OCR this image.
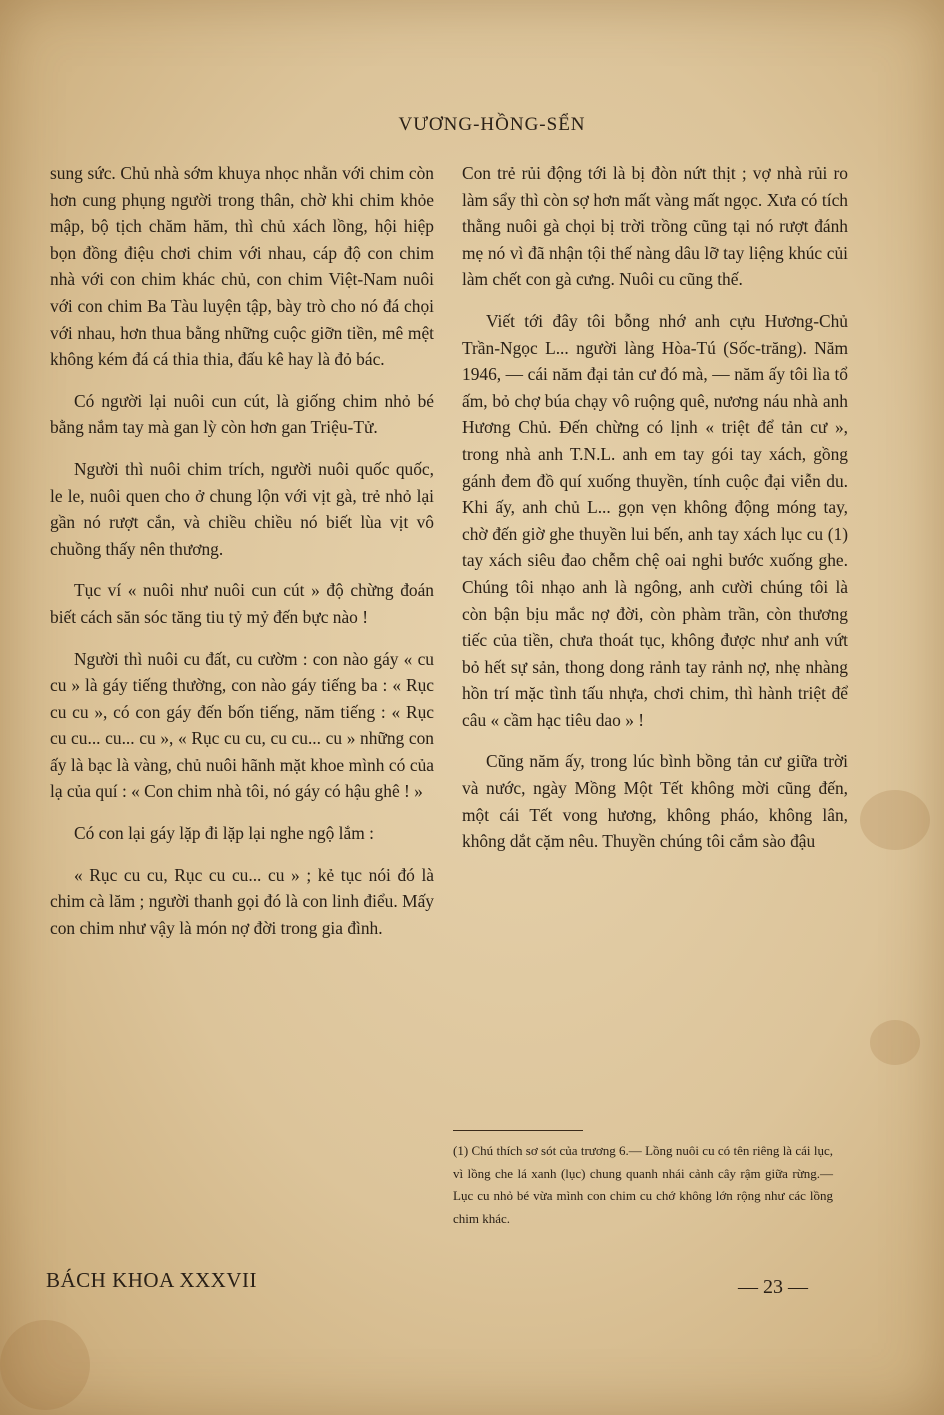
VƯƠNG-HỒNG-SỂN

sung sức. Chủ nhà sớm khuya nhọc nhằn với chim còn hơn cung phụng người trong thân, chờ khi chim khỏe mập, bộ tịch chăm hăm, thì chủ xách lồng, hội hiệp bọn đồng điệu chơi chim với nhau, cáp độ con chim nhà với con chim khác chủ, con chim Việt-Nam nuôi với con chim Ba Tàu luyện tập, bày trò cho nó đá chọi với nhau, hơn thua bằng những cuộc giỡn tiền, mê mệt không kém đá cá thia thia, đấu kê hay là đỏ bác.

Có người lại nuôi cun cút, là giống chim nhỏ bé bằng nắm tay mà gan lỳ còn hơn gan Triệu-Tử.

Người thì nuôi chim trích, người nuôi quốc quốc, le le, nuôi quen cho ở chung lộn với vịt gà, trẻ nhỏ lại gần nó rượt cắn, và chiều chiều nó biết lùa vịt vô chuồng thấy nên thương.

Tục ví « nuôi như nuôi cun cút » độ chừng đoán biết cách săn sóc tăng tiu tỷ mỷ đến bực nào !

Người thì nuôi cu đất, cu cườm : con nào gáy « cu cu » là gáy tiếng thường, con nào gáy tiếng ba : « Rục cu cu », có con gáy đến bốn tiếng, năm tiếng : « Rục cu cu... cu... cu », « Rục cu cu, cu cu... cu » những con ấy là bạc là vàng, chủ nuôi hãnh mặt khoe mình có của lạ của quí : « Con chim nhà tôi, nó gáy có hậu ghê ! »

Có con lại gáy lặp đi lặp lại nghe ngộ lắm :

« Rục cu cu, Rục cu cu... cu » ; kẻ tục nói đó là chim cà lăm ; người thanh gọi đó là con linh điểu. Mấy con chim như vậy là món nợ đời trong gia đình.

Con trẻ rủi động tới là bị đòn nứt thịt ; vợ nhà rủi ro làm sẩy thì còn sợ hơn mất vàng mất ngọc. Xưa có tích thằng nuôi gà chọi bị trời trồng cũng tại nó rượt đánh mẹ nó vì đã nhận tội thế nàng dâu lỡ tay liệng khúc củi làm chết con gà cưng. Nuôi cu cũng thế.

Viết tới đây tôi bỗng nhớ anh cựu Hương-Chủ Trần-Ngọc L... người làng Hòa-Tú (Sốc-trăng). Năm 1946, — cái năm đại tản cư đó mà, — năm ấy tôi lìa tổ ấm, bỏ chợ búa chạy vô ruộng quê, nương náu nhà anh Hương Chủ. Đến chừng có lịnh « triệt để tản cư », trong nhà anh T.N.L. anh em tay gói tay xách, gồng gánh đem đồ quí xuống thuyền, tính cuộc đại viễn du. Khi ấy, anh chủ L... gọn vẹn không động móng tay, chờ đến giờ ghe thuyền lui bến, anh tay xách lục cu (1) tay xách siêu đao chễm chệ oai nghi bước xuống ghe. Chúng tôi nhạo anh là ngông, anh cười chúng tôi là còn bận bịu mắc nợ đời, còn phàm trần, còn thương tiếc của tiền, chưa thoát tục, không được như anh vứt bỏ hết sự sản, thong dong rảnh tay rảnh nợ, nhẹ nhàng hồn trí mặc tình tấu nhựa, chơi chim, thì hành triệt để câu « cầm hạc tiêu dao » !

Cũng năm ấy, trong lúc bình bồng tản cư giữa trời và nước, ngày Mồng Một Tết không mời cũng đến, một cái Tết vong hương, không pháo, không lân, không dắt cặm nêu. Thuyền chúng tôi cắm sào đậu

(1) Chú thích sơ sót của trương 6.— Lồng nuôi cu có tên riêng là cái lục, vì lồng che lá xanh (lục) chung quanh nhái cảnh cây rậm giữa rừng.— Lục cu nhỏ bé vừa mình con chim cu chớ không lớn rộng như các lồng chim khác.
BÁCH KHOA XXXVII	— 23 —
